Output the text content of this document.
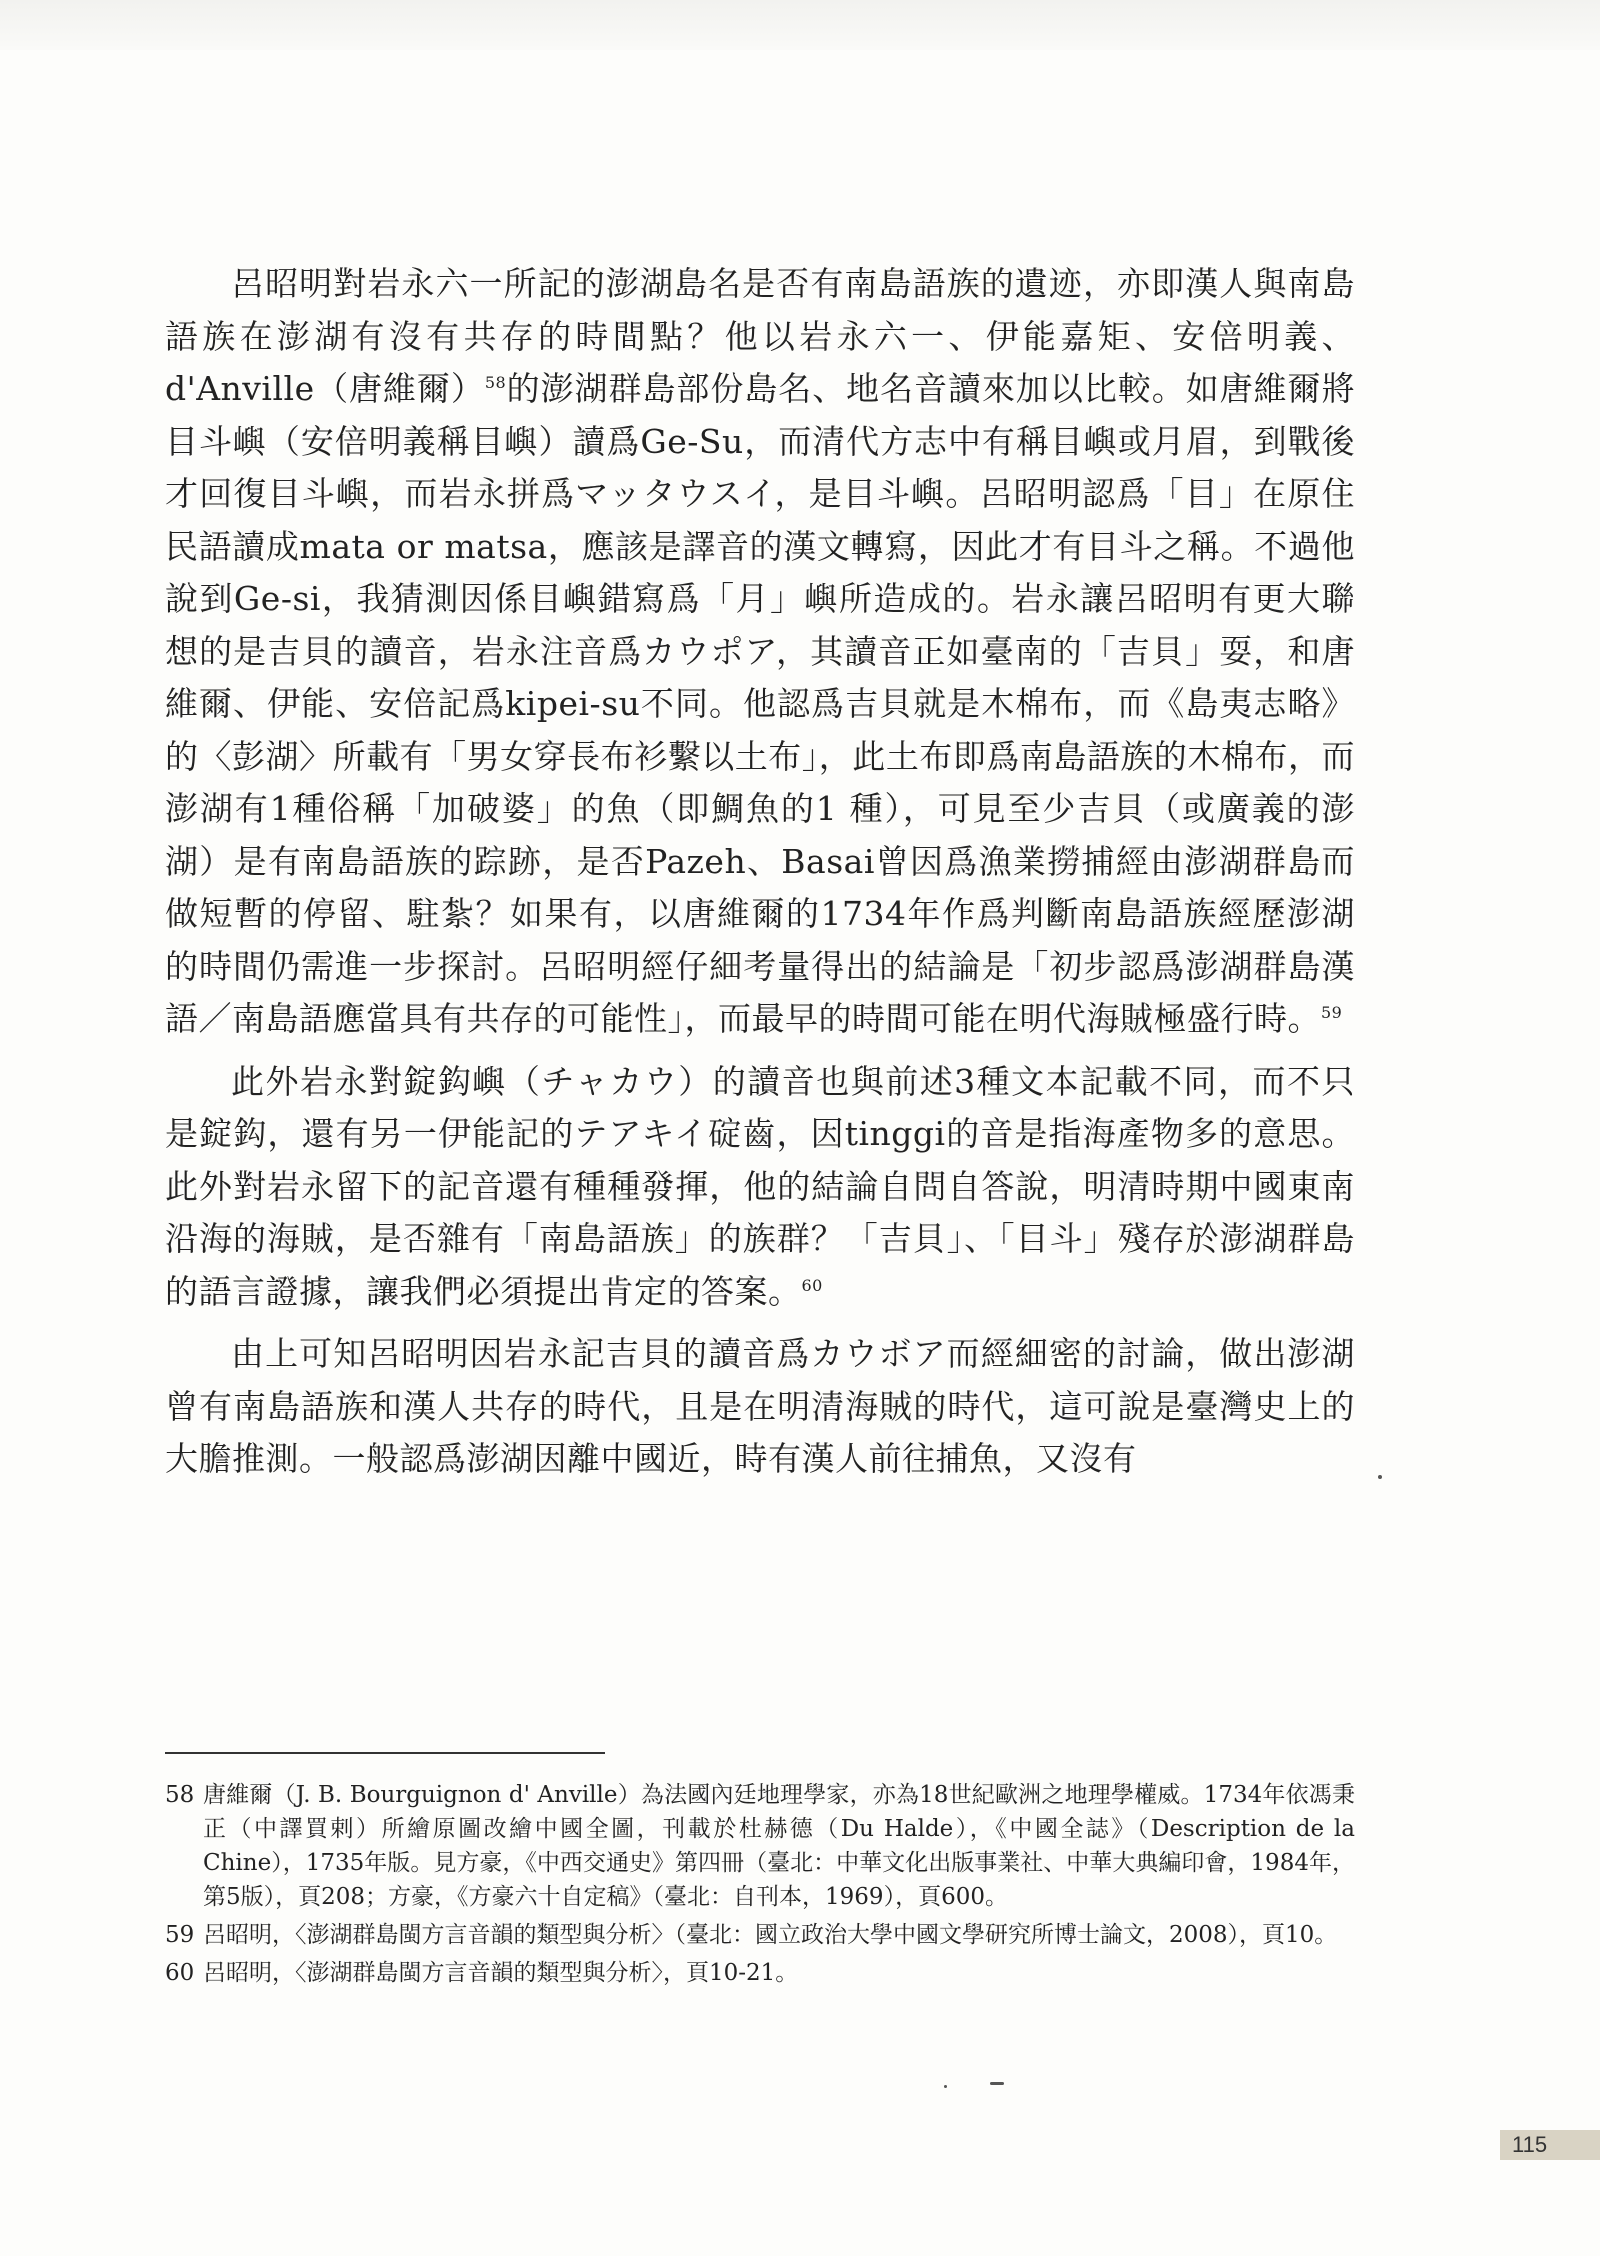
呂昭明對岩永六一所記的澎湖島名是否有南島語族的遺迹，亦即漢人與南島語族在澎湖有沒有共存的時間點？他以岩永六一、伊能嘉矩、安倍明義、d'Anville（唐維爾）$^{58}$的澎湖群島部份島名、地名音讀來加以比較。如唐維爾將目斗嶼（安倍明義稱目嶼）讀爲Ge-Su，而清代方志中有稱目嶼或月眉，到戰後才回復目斗嶼，而岩永拼爲マッタウスイ，是目斗嶼。呂昭明認爲「目」在原住民語讀成mata or matsa，應該是譯音的漢文轉寫，因此才有目斗之稱。不過他說到Ge-si，我猜測因係目嶼錯寫爲「月」嶼所造成的。岩永讓呂昭明有更大聯想的是吉貝的讀音，岩永注音爲カウポア，其讀音正如臺南的「吉貝」耍，和唐維爾、伊能、安倍記爲kipei-su不同。他認爲吉貝就是木棉布，而《島夷志略》的〈彭湖〉所載有「男女穿長布衫繫以土布」，此土布即爲南島語族的木棉布，而澎湖有1種俗稱「加破婆」的魚（即鯛魚的1 種），可見至少吉貝（或廣義的澎湖）是有南島語族的踪跡，是否Pazeh、Basai曾因爲漁業撈捕經由澎湖群島而做短暫的停留、駐紮？如果有，以唐維爾的1734年作爲判斷南島語族經歷澎湖的時間仍需進一步探討。呂昭明經仔細考量得出的結論是「初步認爲澎湖群島漢語／南島語應當具有共存的可能性」，而最早的時間可能在明代海賊極盛行時。$^{59}$

此外岩永對錠鈎嶼（チャカウ）的讀音也與前述3種文本記載不同，而不只是錠鈎，還有另一伊能記的テアキイ碇齒，因tinggi的音是指海產物多的意思。此外對岩永留下的記音還有種種發揮，他的結論自問自答說，明清時期中國東南沿海的海賊，是否雜有「南島語族」的族群？「吉貝」、「目斗」殘存於澎湖群島的語言證據，讓我們必須提出肯定的答案。$^{60}$

由上可知呂昭明因岩永記吉貝的讀音爲カウボア而經細密的討論，做出澎湖曾有南島語族和漢人共存的時代，且是在明清海賊的時代，這可說是臺灣史上的大膽推測。一般認爲澎湖因離中國近，時有漢人前往捕魚，又沒有

58 唐維爾（J. B. Bourguignon d' Anville）為法國內廷地理學家，亦為18世紀歐洲之地理學權威。1734年依馮秉正（中譯買剌）所繪原圖改繪中國全圖，刊載於杜赫德（Du Halde），《中國全誌》（Description de la Chine），1735年版。見方豪，《中西交通史》第四冊（臺北：中華文化出版事業社、中華大典編印會，1984年，第5版），頁208；方豪，《方豪六十自定稿》（臺北：自刊本，1969），頁600。
59 呂昭明，〈澎湖群島閩方言音韻的類型與分析〉（臺北：國立政治大學中國文學研究所博士論文，2008），頁10。
60 呂昭明，〈澎湖群島閩方言音韻的類型與分析〉，頁10-21。
115
